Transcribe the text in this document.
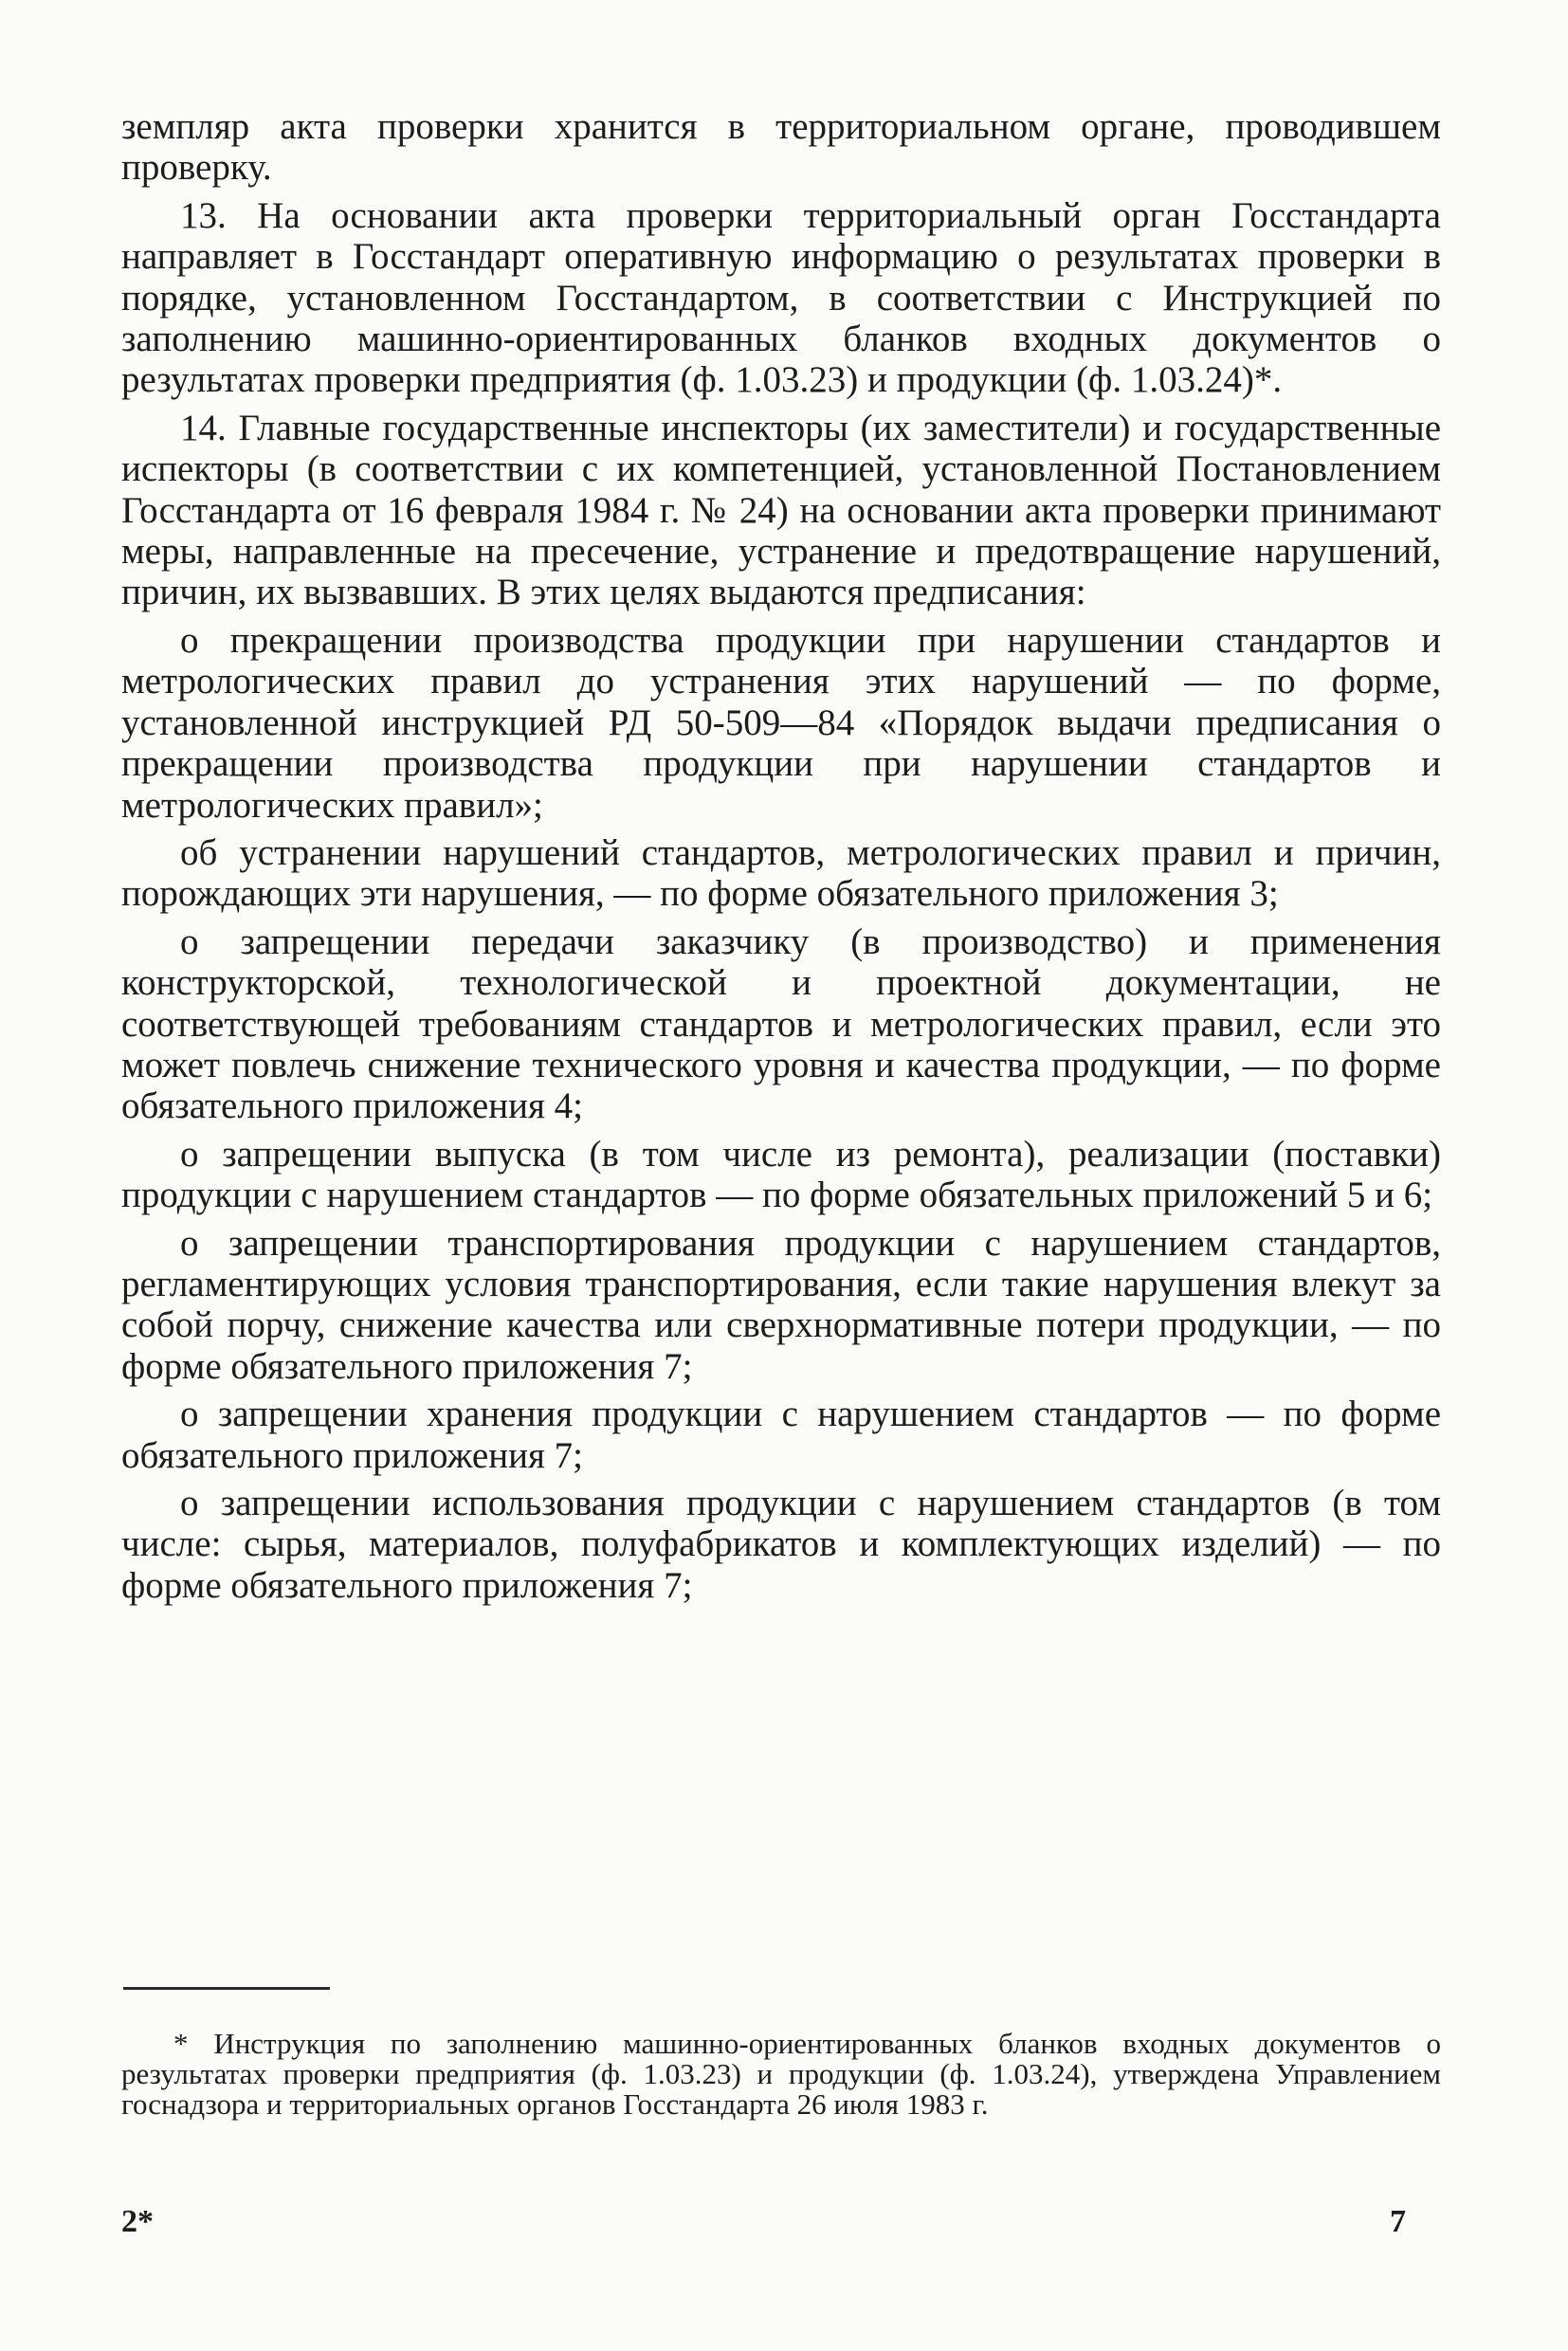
земпляр акта проверки хранится в территориальном органе, проводившем проверку.

13. На основании акта проверки территориальный орган Госстандарта направляет в Госстандарт оперативную информацию о результатах проверки в порядке, установленном Госстандартом, в соответствии с Инструкцией по заполнению машинно-ориентированных бланков входных документов о результатах проверки предприятия (ф. 1.03.23) и продукции (ф. 1.03.24)*.

14. Главные государственные инспекторы (их заместители) и государственные испекторы (в соответствии с их компетенцией, установленной Постановлением Госстандарта от 16 февраля 1984 г. № 24) на основании акта проверки принимают меры, направленные на пресечение, устранение и предотвращение нарушений, причин, их вызвавших. В этих целях выдаются предписания:

о прекращении производства продукции при нарушении стандартов и метрологических правил до устранения этих нарушений — по форме, установленной инструкцией РД 50-509—84 «Порядок выдачи предписания о прекращении производства продукции при нарушении стандартов и метрологических правил»;

об устранении нарушений стандартов, метрологических правил и причин, порождающих эти нарушения, — по форме обязательного приложения 3;

о запрещении передачи заказчику (в производство) и применения конструкторской, технологической и проектной документации, не соответствующей требованиям стандартов и метрологических правил, если это может повлечь снижение технического уровня и качества продукции, — по форме обязательного приложения 4;

о запрещении выпуска (в том числе из ремонта), реализации (поставки) продукции с нарушением стандартов — по форме обязательных приложений 5 и 6;

о запрещении транспортирования продукции с нарушением стандартов, регламентирующих условия транспортирования, если такие нарушения влекут за собой порчу, снижение качества или сверхнормативные потери продукции, — по форме обязательного приложения 7;

о запрещении хранения продукции с нарушением стандартов — по форме обязательного приложения 7;

о запрещении использования продукции с нарушением стандартов (в том числе: сырья, материалов, полуфабрикатов и комплектующих изделий) — по форме обязательного приложения 7;

* Инструкция по заполнению машинно-ориентированных бланков входных документов о результатах проверки предприятия (ф. 1.03.23) и продукции (ф. 1.03.24), утверждена Управлением госнадзора и территориальных органов Госстандарта 26 июля 1983 г.

2*	7
